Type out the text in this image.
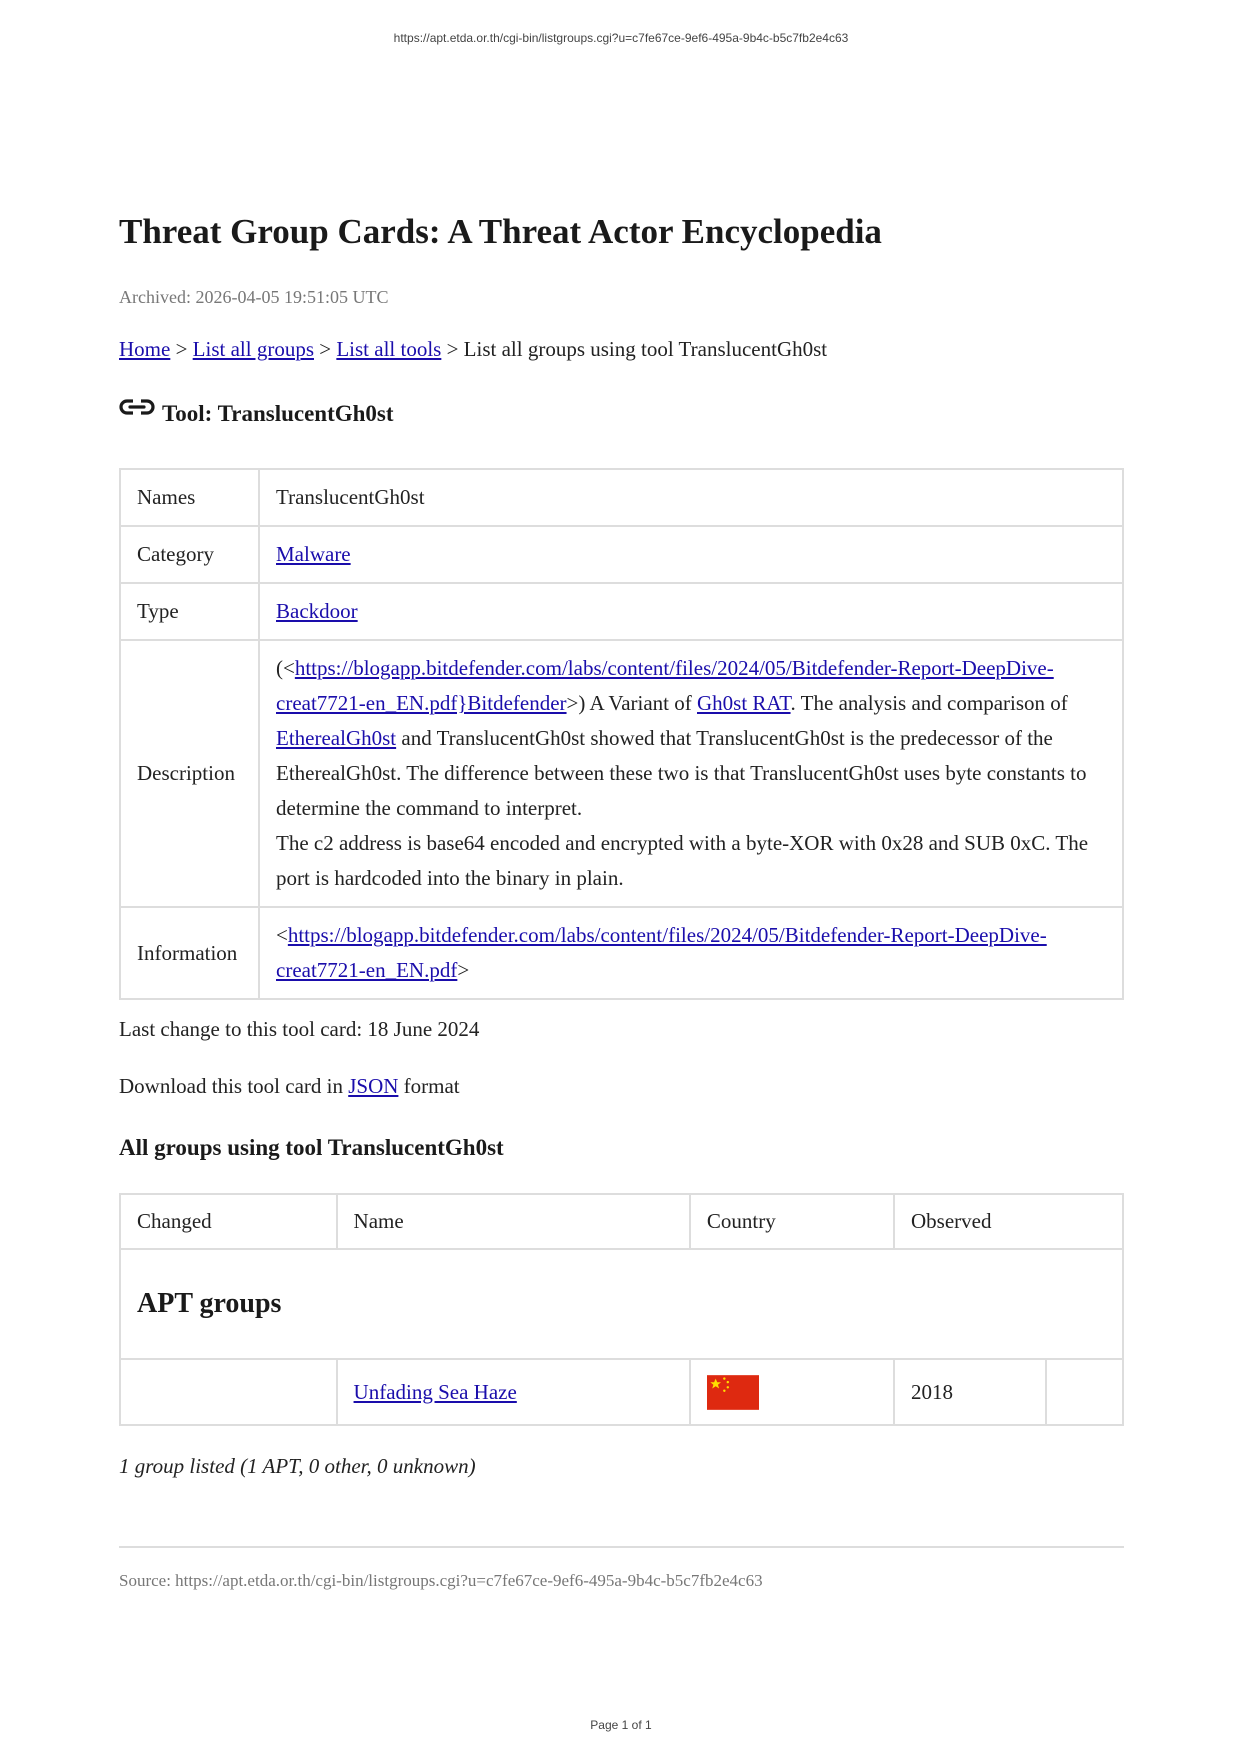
https://apt.etda.or.th/cgi-bin/listgroups.cgi?u=c7fe67ce-9ef6-495a-9b4c-b5c7fb2e4c63
Threat Group Cards: A Threat Actor Encyclopedia
Archived: 2026-04-05 19:51:05 UTC
Home > List all groups > List all tools > List all groups using tool TranslucentGh0st
Tool: TranslucentGh0st
Names	TranslucentGh0st
Category	Malware
Type	Backdoor
Description	(<https://blogapp.bitdefender.com/labs/content/files/2024/05/Bitdefender-Report-DeepDive-creat7721-en_EN.pdf}Bitdefender>) A Variant of Gh0st RAT. The analysis and comparison of EtherealGh0st and TranslucentGh0st showed that TranslucentGh0st is the predecessor of the EtherealGh0st. The difference between these two is that TranslucentGh0st uses byte constants to determine the command to interpret.
The c2 address is base64 encoded and encrypted with a byte-XOR with 0x28 and SUB 0xC. The port is hardcoded into the binary in plain.
Information	<https://blogapp.bitdefender.com/labs/content/files/2024/05/Bitdefender-Report-DeepDive-creat7721-en_EN.pdf>
Last change to this tool card: 18 June 2024
Download this tool card in JSON format
All groups using tool TranslucentGh0st
Changed	Name	Country	Observed	
APT groups				
	Unfading Sea Haze		2018	
1 group listed (1 APT, 0 other, 0 unknown)
Source: https://apt.etda.or.th/cgi-bin/listgroups.cgi?u=c7fe67ce-9ef6-495a-9b4c-b5c7fb2e4c63
Page 1 of 1
